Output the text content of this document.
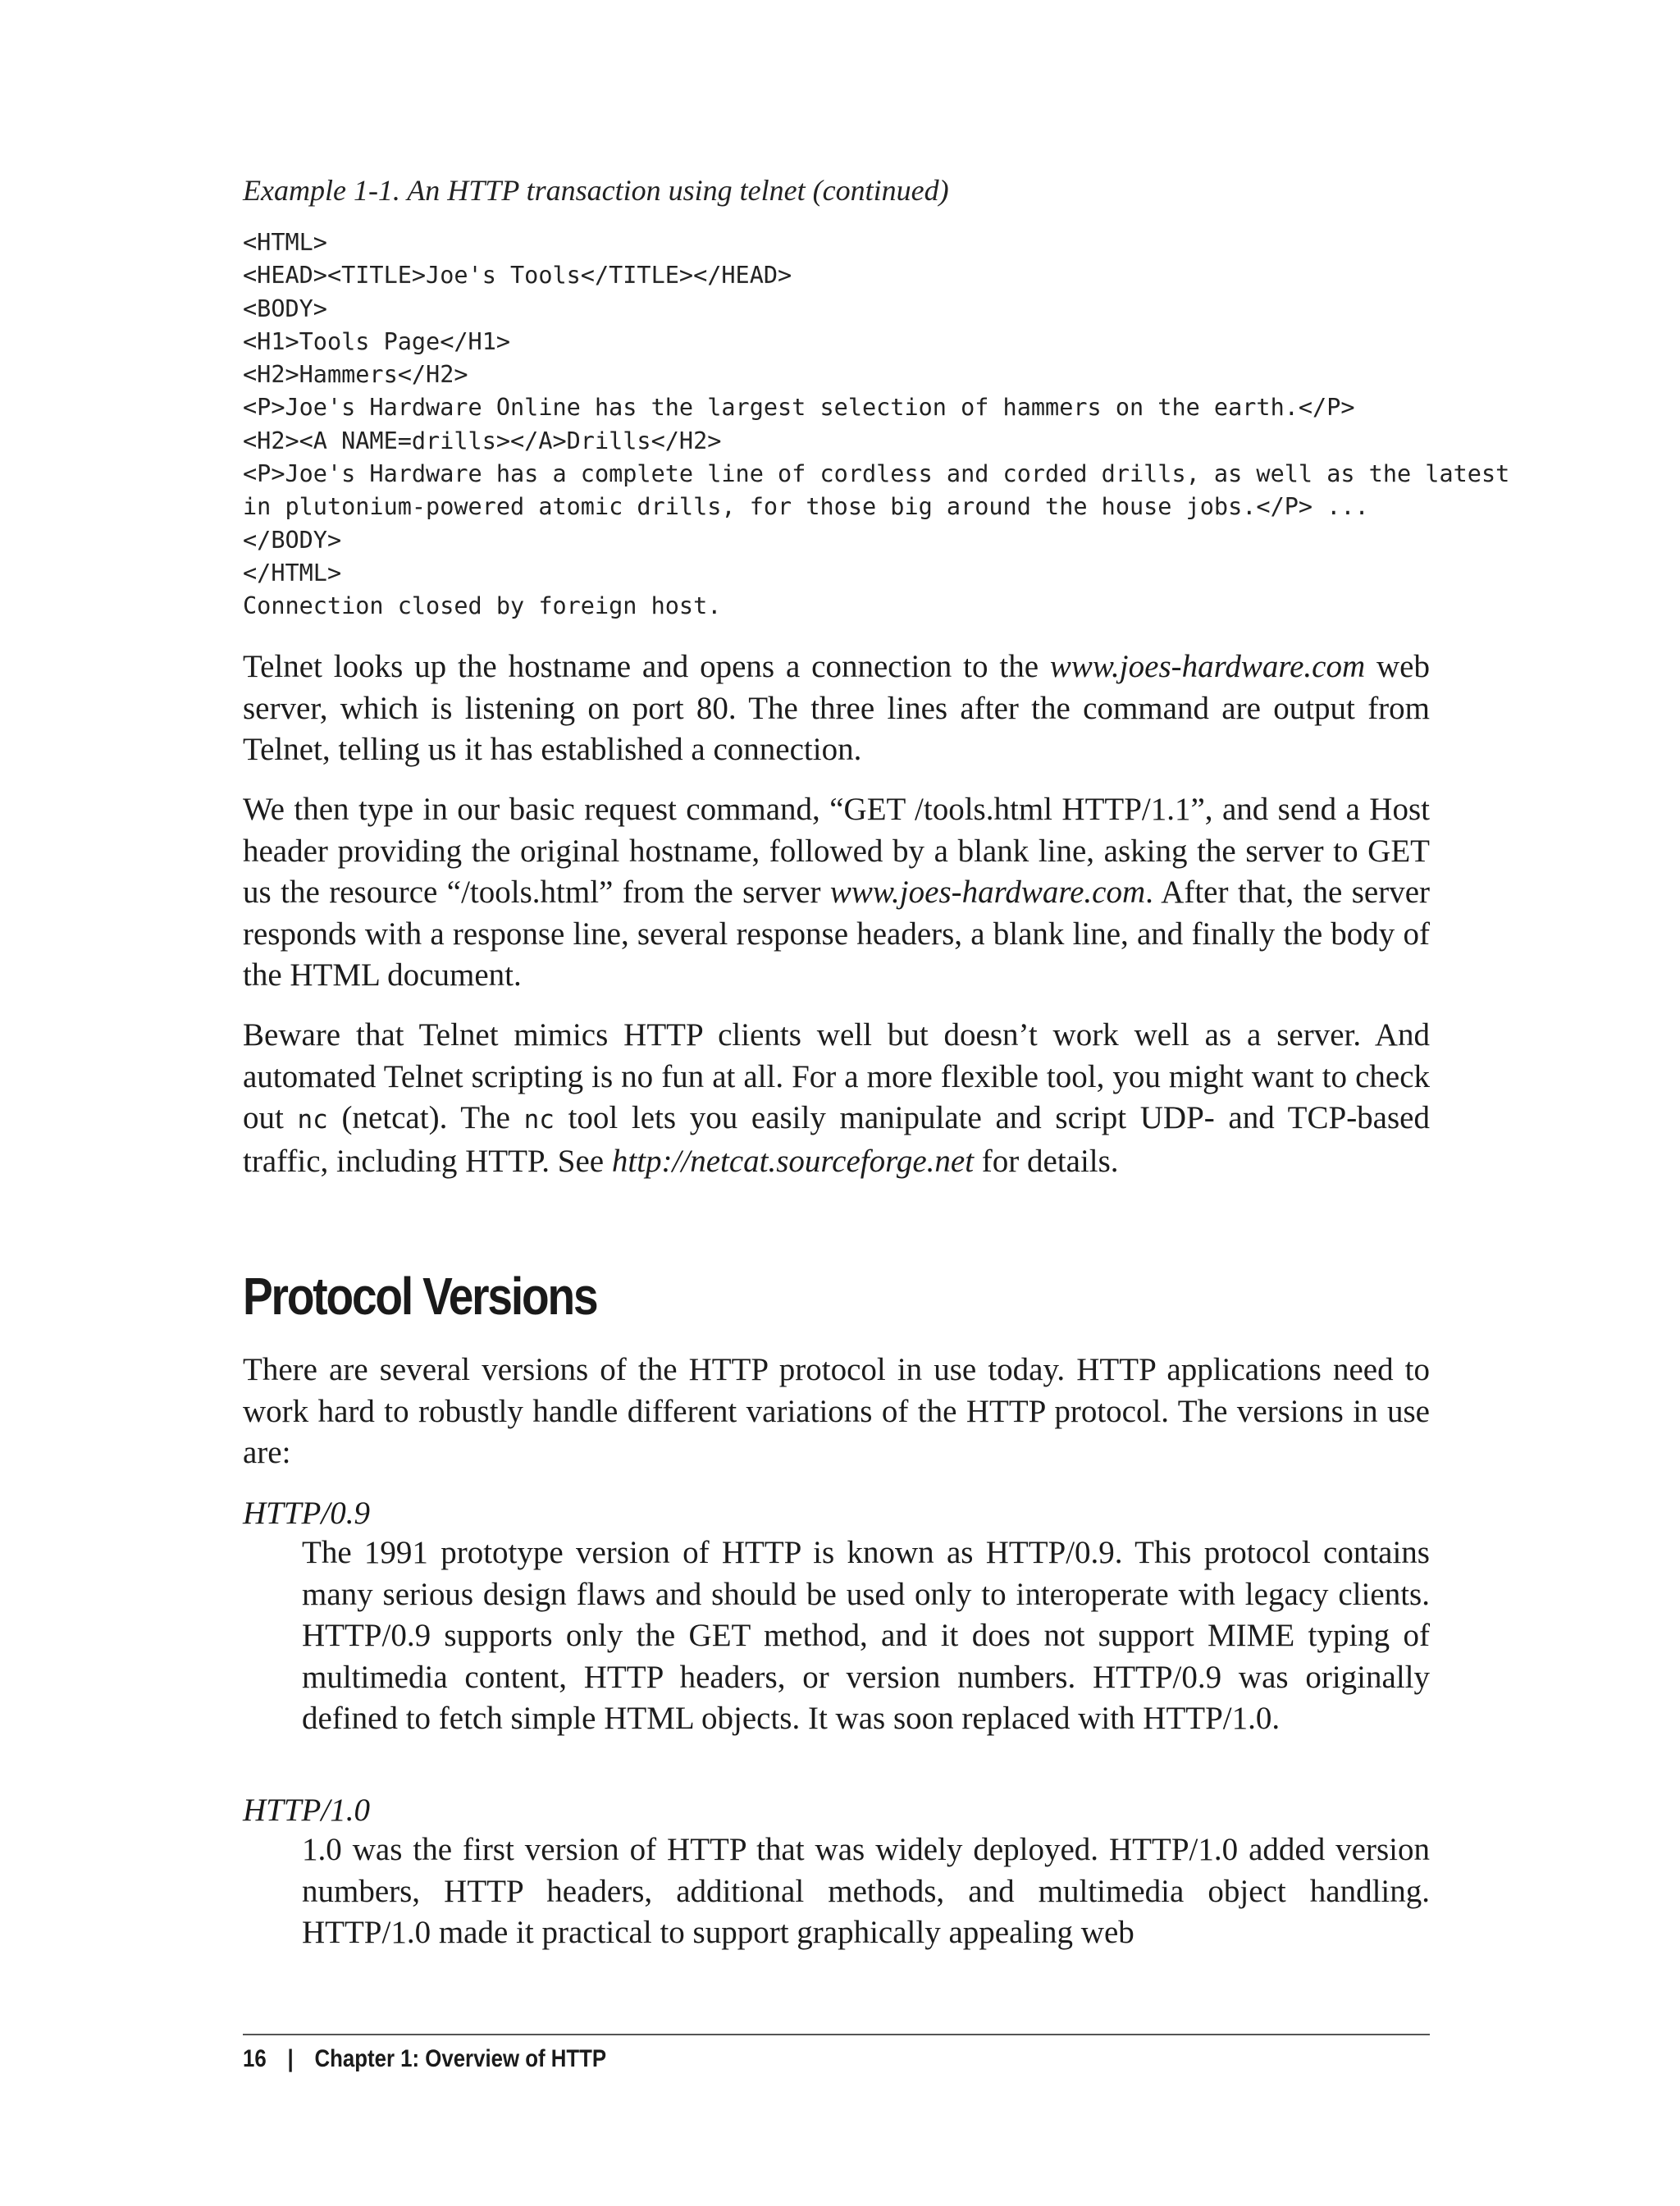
Example 1-1. An HTTP transaction using telnet (continued)
<HTML>
<HEAD><TITLE>Joe's Tools</TITLE></HEAD>
<BODY>
<H1>Tools Page</H1>
<H2>Hammers</H2>
<P>Joe's Hardware Online has the largest selection of hammers on the earth.</P>
<H2><A NAME=drills></A>Drills</H2>
<P>Joe's Hardware has a complete line of cordless and corded drills, as well as the latest
in plutonium-powered atomic drills, for those big around the house jobs.</P> ...
</BODY>
</HTML>
Connection closed by foreign host.

Telnet looks up the hostname and opens a connection to the www.joes-hardware.com web server, which is listening on port 80. The three lines after the command are output from Telnet, telling us it has established a connection.

We then type in our basic request command, “GET /tools.html HTTP/1.1”, and send a Host header providing the original hostname, followed by a blank line, asking the server to GET us the resource “/tools.html” from the server www.joes-hardware.com. After that, the server responds with a response line, several response headers, a blank line, and finally the body of the HTML document.

Beware that Telnet mimics HTTP clients well but doesn’t work well as a server. And automated Telnet scripting is no fun at all. For a more flexible tool, you might want to check out nc (netcat). The nc tool lets you easily manipulate and script UDP- and TCP-based traffic, including HTTP. See http://netcat.sourceforge.net for details.

Protocol Versions

There are several versions of the HTTP protocol in use today. HTTP applications need to work hard to robustly handle different variations of the HTTP protocol. The versions in use are:

HTTP/0.9

The 1991 prototype version of HTTP is known as HTTP/0.9. This protocol contains many serious design flaws and should be used only to interoperate with legacy clients. HTTP/0.9 supports only the GET method, and it does not support MIME typing of multimedia content, HTTP headers, or version numbers. HTTP/0.9 was originally defined to fetch simple HTML objects. It was soon replaced with HTTP/1.0.

HTTP/1.0

1.0 was the first version of HTTP that was widely deployed. HTTP/1.0 added version numbers, HTTP headers, additional methods, and multimedia object handling. HTTP/1.0 made it practical to support graphically appealing web

16 | Chapter 1: Overview of HTTP
